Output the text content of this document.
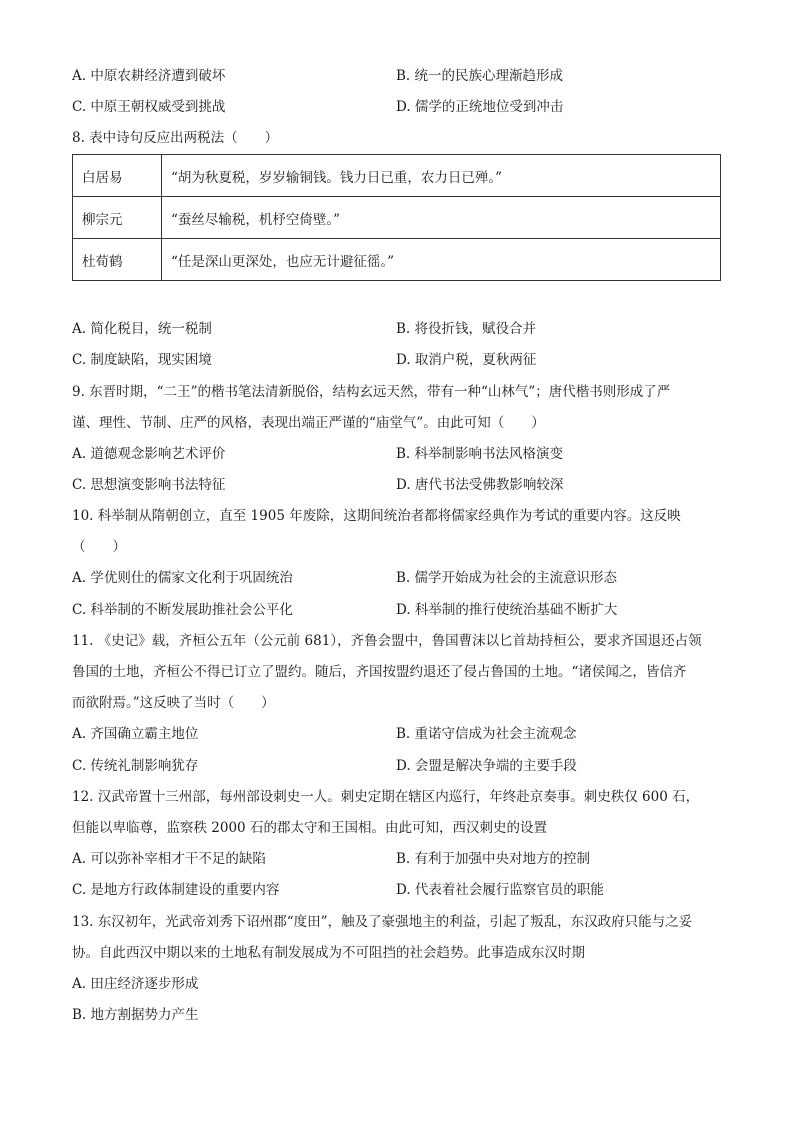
A. 中原农耕经济遭到破坏	B. 统一的民族心理渐趋形成
C. 中原王朝权威受到挑战	D. 儒学的正统地位受到冲击
8. 表中诗句反应出两税法（　　）
白居易	“胡为秋夏税，岁岁输铜钱。钱力日已重，农力日已殚。”
柳宗元	“蚕丝尽输税，机杼空倚壁。”
杜荀鹤	“任是深山更深处，也应无计避征徭。”
A. 简化税目，统一税制	B. 将役折钱，赋役合并
C. 制度缺陷，现实困境	D. 取消户税，夏秋两征
9. 东晋时期，“二王”的楷书笔法清新脱俗，结构玄远天然，带有一种“山林气”；唐代楷书则形成了严
谨、理性、节制、庄严的风格，表现出端正严谨的“庙堂气”。由此可知（　　）
A. 道德观念影响艺术评价	B. 科举制影响书法风格演变
C. 思想演变影响书法特征	D. 唐代书法受佛教影响较深
10. 科举制从隋朝创立，直至 1905 年废除，这期间统治者都将儒家经典作为考试的重要内容。这反映
（　　）
A. 学优则仕的儒家文化利于巩固统治	B. 儒学开始成为社会的主流意识形态
C. 科举制的不断发展助推社会公平化	D. 科举制的推行使统治基础不断扩大
11. 《史记》载，齐桓公五年（公元前 681），齐鲁会盟中，鲁国曹沫以匕首劫持桓公，要求齐国退还占领
鲁国的土地，齐桓公不得已订立了盟约。随后，齐国按盟约退还了侵占鲁国的土地。“诸侯闻之，皆信齐
而欲附焉。”这反映了当时（　　）
A. 齐国确立霸主地位	B. 重诺守信成为社会主流观念
C. 传统礼制影响犹存	D. 会盟是解决争端的主要手段
12. 汉武帝置十三州部，每州部设刺史一人。刺史定期在辖区内巡行，年终赴京奏事。刺史秩仅 600 石，
但能以卑临尊，监察秩 2000 石的郡太守和王国相。由此可知，西汉刺史的设置
A. 可以弥补宰相才干不足的缺陷	B. 有利于加强中央对地方的控制
C. 是地方行政体制建设的重要内容	D. 代表着社会履行监察官员的职能
13. 东汉初年，光武帝刘秀下诏州郡“度田”，触及了豪强地主的利益，引起了叛乱，东汉政府只能与之妥
协。自此西汉中期以来的土地私有制发展成为不可阻挡的社会趋势。此事造成东汉时期
A. 田庄经济逐步形成
B. 地方割据势力产生
